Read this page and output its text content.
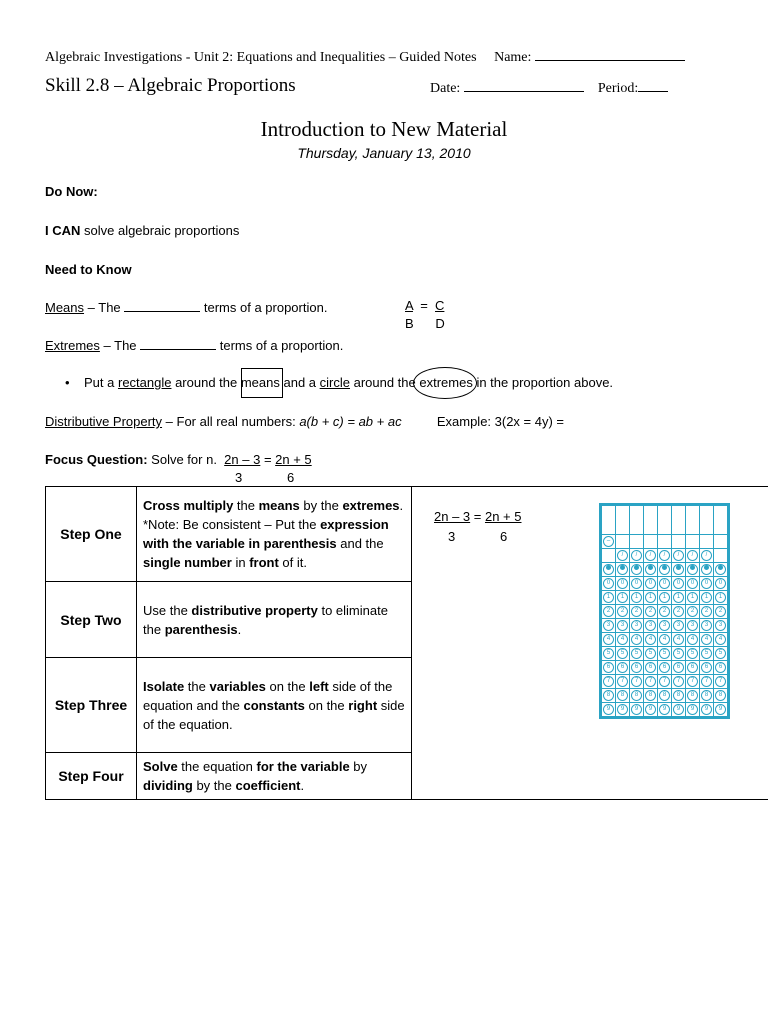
Algebraic Investigations - Unit 2: Equations and Inequalities – Guided Notes Name:
Skill 2.8 – Algebraic Proportions	Date:	Period:
Introduction to New Material
Thursday, January 13, 2010
Do Now:
I CAN solve algebraic proportions
Need to Know
Means – The	terms of a proportion.	A  =  C
B      D
Extremes – The	terms of a proportion.
• Put a rectangle around the means and a circle around the extremes in the proportion above.
Distributive Property – For all real numbers: a(b + c) = ab + ac	Example: 3(2x = 4y) =
Focus Question: Solve for n. 2n – 3 = 2n + 5
3	6
Step One	Cross multiply the means by the extremes. *Note: Be consistent – Put the expression with the variable in parenthesis and the single number in front of it.	2n – 3 = 2n + 5
3 6

Step Two	Use the distributive property to eliminate the parenthesis.	
Step Three	Isolate the variables on the left side of the equation and the constants on the right side of the equation.	
Step Four	Solve the equation for the variable by dividing by the coefficient.	

–								
	/	/	/	/	/	/	/	

0	0	0	0	0	0	0	0	0
1	1	1	1	1	1	1	1	1
2	2	2	2	2	2	2	2	2
3	3	3	3	3	3	3	3	3
4	4	4	4	4	4	4	4	4
5	5	5	5	5	5	5	5	5
6	6	6	6	6	6	6	6	6
7	7	7	7	7	7	7	7	7
8	8	8	8	8	8	8	8	8
9	9	9	9	9	9	9	9	9
